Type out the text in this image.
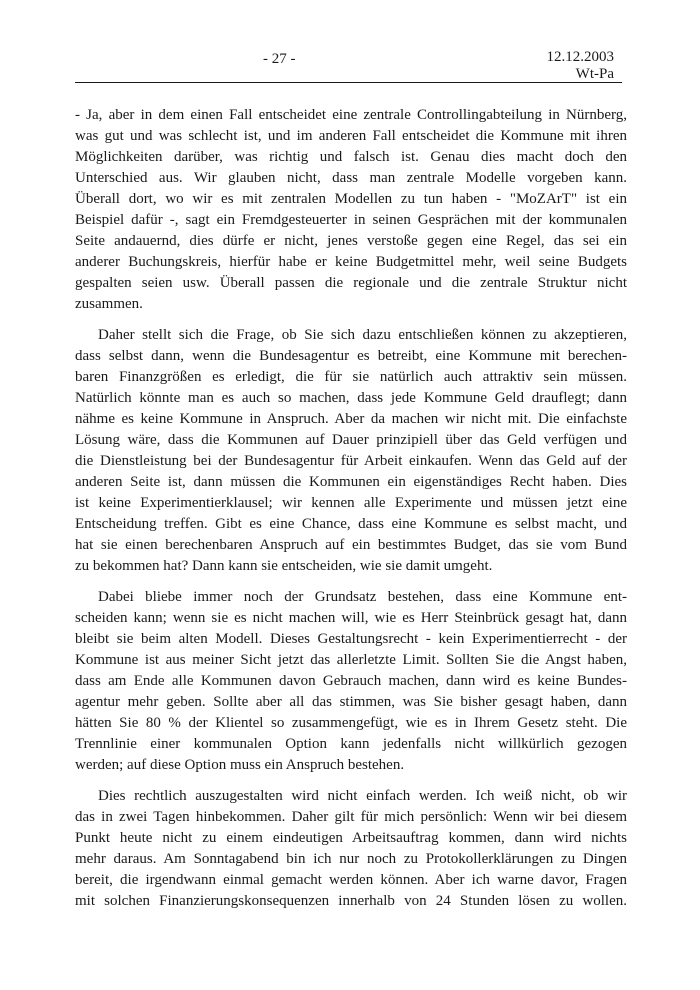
- 27 -	12.12.2003
Wt-Pa
- Ja, aber in dem einen Fall entscheidet eine zentrale Controllingabteilung in Nürnberg,
was gut und was schlecht ist, und im anderen Fall entscheidet die Kommune mit ihren
Möglichkeiten darüber, was richtig und falsch ist. Genau dies macht doch den
Unterschied aus. Wir glauben nicht, dass man zentrale Modelle vorgeben kann.
Überall dort, wo wir es mit zentralen Modellen zu tun haben - "MoZArT" ist ein
Beispiel dafür -, sagt ein Fremdgesteuerter in seinen Gesprächen mit der kommunalen
Seite andauernd, dies dürfe er nicht, jenes verstoße gegen eine Regel, das sei ein
anderer Buchungskreis, hierfür habe er keine Budgetmittel mehr, weil seine Budgets
gespalten seien usw. Überall passen die regionale und die zentrale Struktur nicht
zusammen.
Daher stellt sich die Frage, ob Sie sich dazu entschließen können zu akzeptieren,
dass selbst dann, wenn die Bundesagentur es betreibt, eine Kommune mit berechen-
baren Finanzgrößen es erledigt, die für sie natürlich auch attraktiv sein müssen.
Natürlich könnte man es auch so machen, dass jede Kommune Geld drauflegt; dann
nähme es keine Kommune in Anspruch. Aber da machen wir nicht mit. Die einfachste
Lösung wäre, dass die Kommunen auf Dauer prinzipiell über das Geld verfügen und
die Dienstleistung bei der Bundesagentur für Arbeit einkaufen. Wenn das Geld auf der
anderen Seite ist, dann müssen die Kommunen ein eigenständiges Recht haben. Dies
ist keine Experimentierklausel; wir kennen alle Experimente und müssen jetzt eine
Entscheidung treffen. Gibt es eine Chance, dass eine Kommune es selbst macht, und
hat sie einen berechenbaren Anspruch auf ein bestimmtes Budget, das sie vom Bund
zu bekommen hat? Dann kann sie entscheiden, wie sie damit umgeht.
Dabei bliebe immer noch der Grundsatz bestehen, dass eine Kommune ent-
scheiden kann; wenn sie es nicht machen will, wie es Herr Steinbrück gesagt hat, dann
bleibt sie beim alten Modell. Dieses Gestaltungsrecht - kein Experimentierrecht - der
Kommune ist aus meiner Sicht jetzt das allerletzte Limit. Sollten Sie die Angst haben,
dass am Ende alle Kommunen davon Gebrauch machen, dann wird es keine Bundes-
agentur mehr geben. Sollte aber all das stimmen, was Sie bisher gesagt haben, dann
hätten Sie 80 % der Klientel so zusammengefügt, wie es in Ihrem Gesetz steht. Die
Trennlinie einer kommunalen Option kann jedenfalls nicht willkürlich gezogen
werden; auf diese Option muss ein Anspruch bestehen.
Dies rechtlich auszugestalten wird nicht einfach werden. Ich weiß nicht, ob wir
das in zwei Tagen hinbekommen. Daher gilt für mich persönlich: Wenn wir bei diesem
Punkt heute nicht zu einem eindeutigen Arbeitsauftrag kommen, dann wird nichts
mehr daraus. Am Sonntagabend bin ich nur noch zu Protokollerklärungen zu Dingen
bereit, die irgendwann einmal gemacht werden können. Aber ich warne davor, Fragen
mit solchen Finanzierungskonsequenzen innerhalb von 24 Stunden lösen zu wollen.
